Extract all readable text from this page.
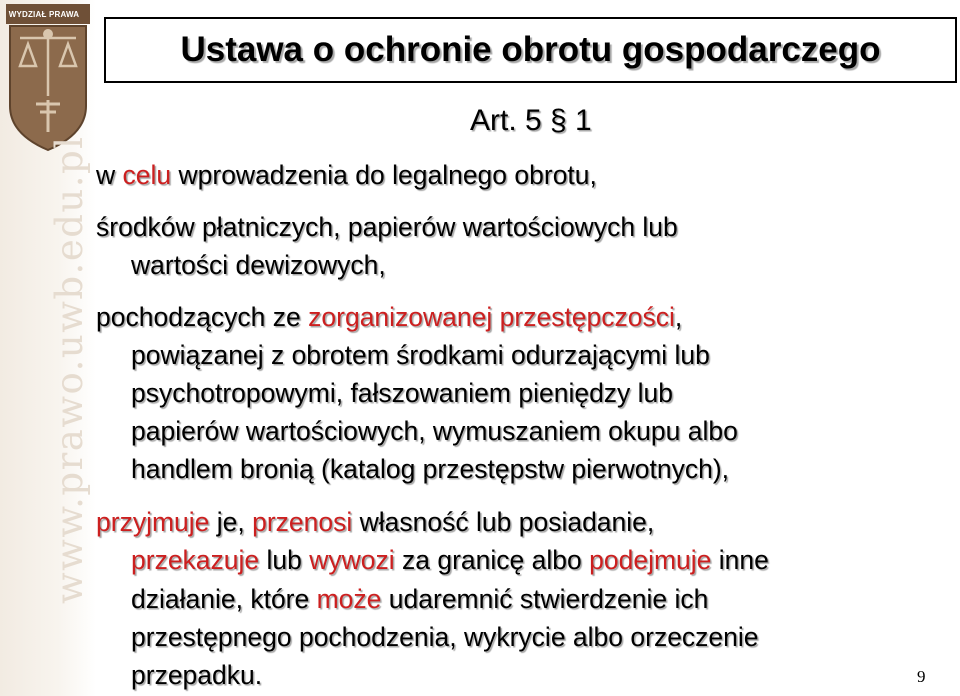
WYDZIAŁ PRAWA
www.prawo.uwb.edu.pl
Ustawa o ochronie obrotu gospodarczego
Art. 5 § 1
w celu wprowadzenia do legalnego obrotu,
środków płatniczych, papierów wartościowych lub
wartości dewizowych,
pochodzących ze zorganizowanej przestępczości,
powiązanej z obrotem środkami odurzającymi lub
psychotropowymi, fałszowaniem pieniędzy lub
papierów wartościowych, wymuszaniem okupu albo
handlem bronią (katalog przestępstw pierwotnych),
przyjmuje je, przenosi własność lub posiadanie,
przekazuje lub wywozi za granicę albo podejmuje inne
działanie, które może udaremnić stwierdzenie ich
przestępnego pochodzenia, wykrycie albo orzeczenie
przepadku.	9
